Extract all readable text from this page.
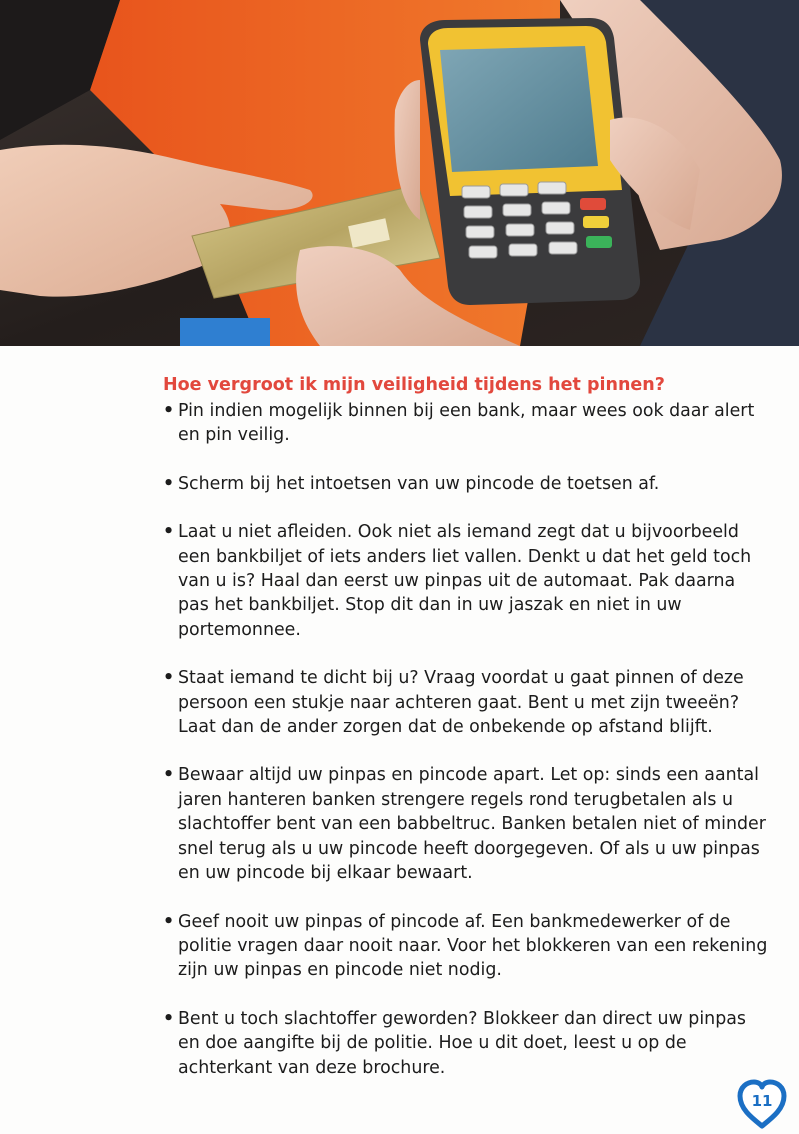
Hoe vergroot ik mijn veiligheid tijdens het pinnen?
• Pin indien mogelijk binnen bij een bank, maar wees ook daar alert en pin veilig.
• Scherm bij het intoetsen van uw pincode de toetsen af.
• Laat u niet afleiden. Ook niet als iemand zegt dat u bijvoorbeeld een bankbiljet of iets anders liet vallen. Denkt u dat het geld toch van u is? Haal dan eerst uw pinpas uit de automaat. Pak daarna pas het bankbiljet. Stop dit dan in uw jaszak en niet in uw portemonnee.
• Staat iemand te dicht bij u? Vraag voordat u gaat pinnen of deze persoon een stukje naar achteren gaat. Bent u met zijn tweeën? Laat dan de ander zorgen dat de onbekende op afstand blijft.
• Bewaar altijd uw pinpas en pincode apart. Let op: sinds een aantal jaren hanteren banken strengere regels rond terugbetalen als u slachtoffer bent van een babbeltruc. Banken betalen niet of minder snel terug als u uw pincode heeft doorgegeven. Of als u uw pinpas en uw pincode bij elkaar bewaart.
• Geef nooit uw pinpas of pincode af. Een bankmedewerker of de politie vragen daar nooit naar. Voor het blokkeren van een rekening zijn uw pinpas en pincode niet nodig.
• Bent u toch slachtoffer geworden? Blokkeer dan direct uw pinpas en doe aangifte bij de politie. Hoe u dit doet, leest u op de achterkant van deze brochure.
11
